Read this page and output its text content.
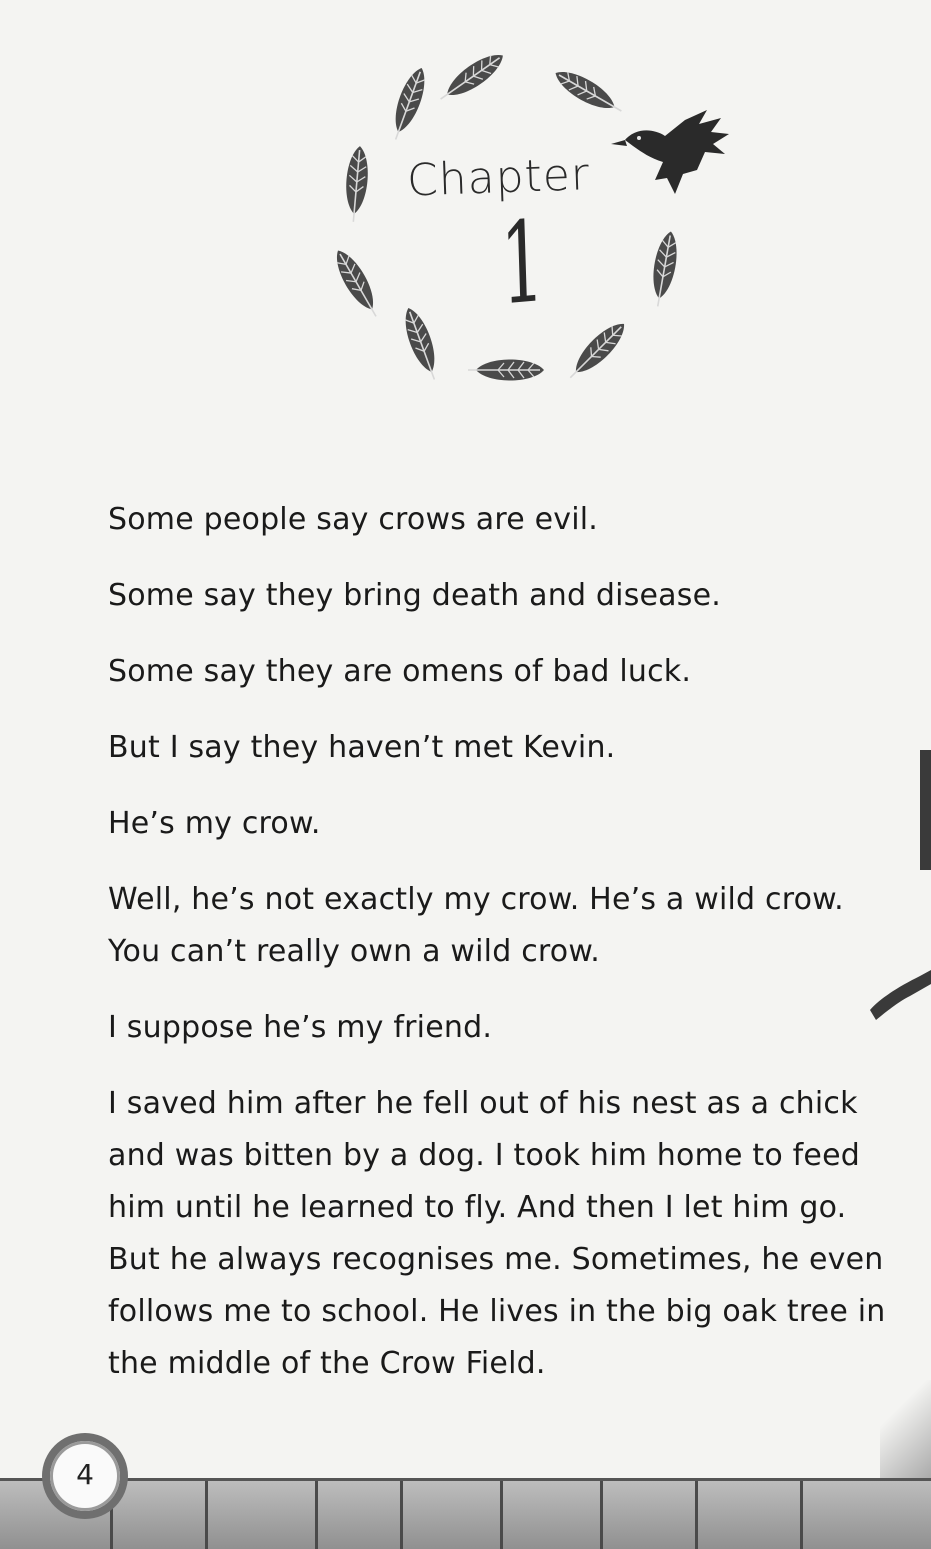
Chapter
1

Some people say crows are evil.

Some say they bring death and disease.

Some say they are omens of bad luck.

But I say they haven’t met Kevin.

He’s my crow.

Well, he’s not exactly my crow. He’s a wild crow. You can’t really own a wild crow.

I suppose he’s my friend.

I saved him after he fell out of his nest as a chick and was bitten by a dog. I took him home to feed him until he learned to fly. And then I let him go. But he always recognises me. Sometimes, he even follows me to school. He lives in the big oak tree in the middle of the Crow Field.

4
